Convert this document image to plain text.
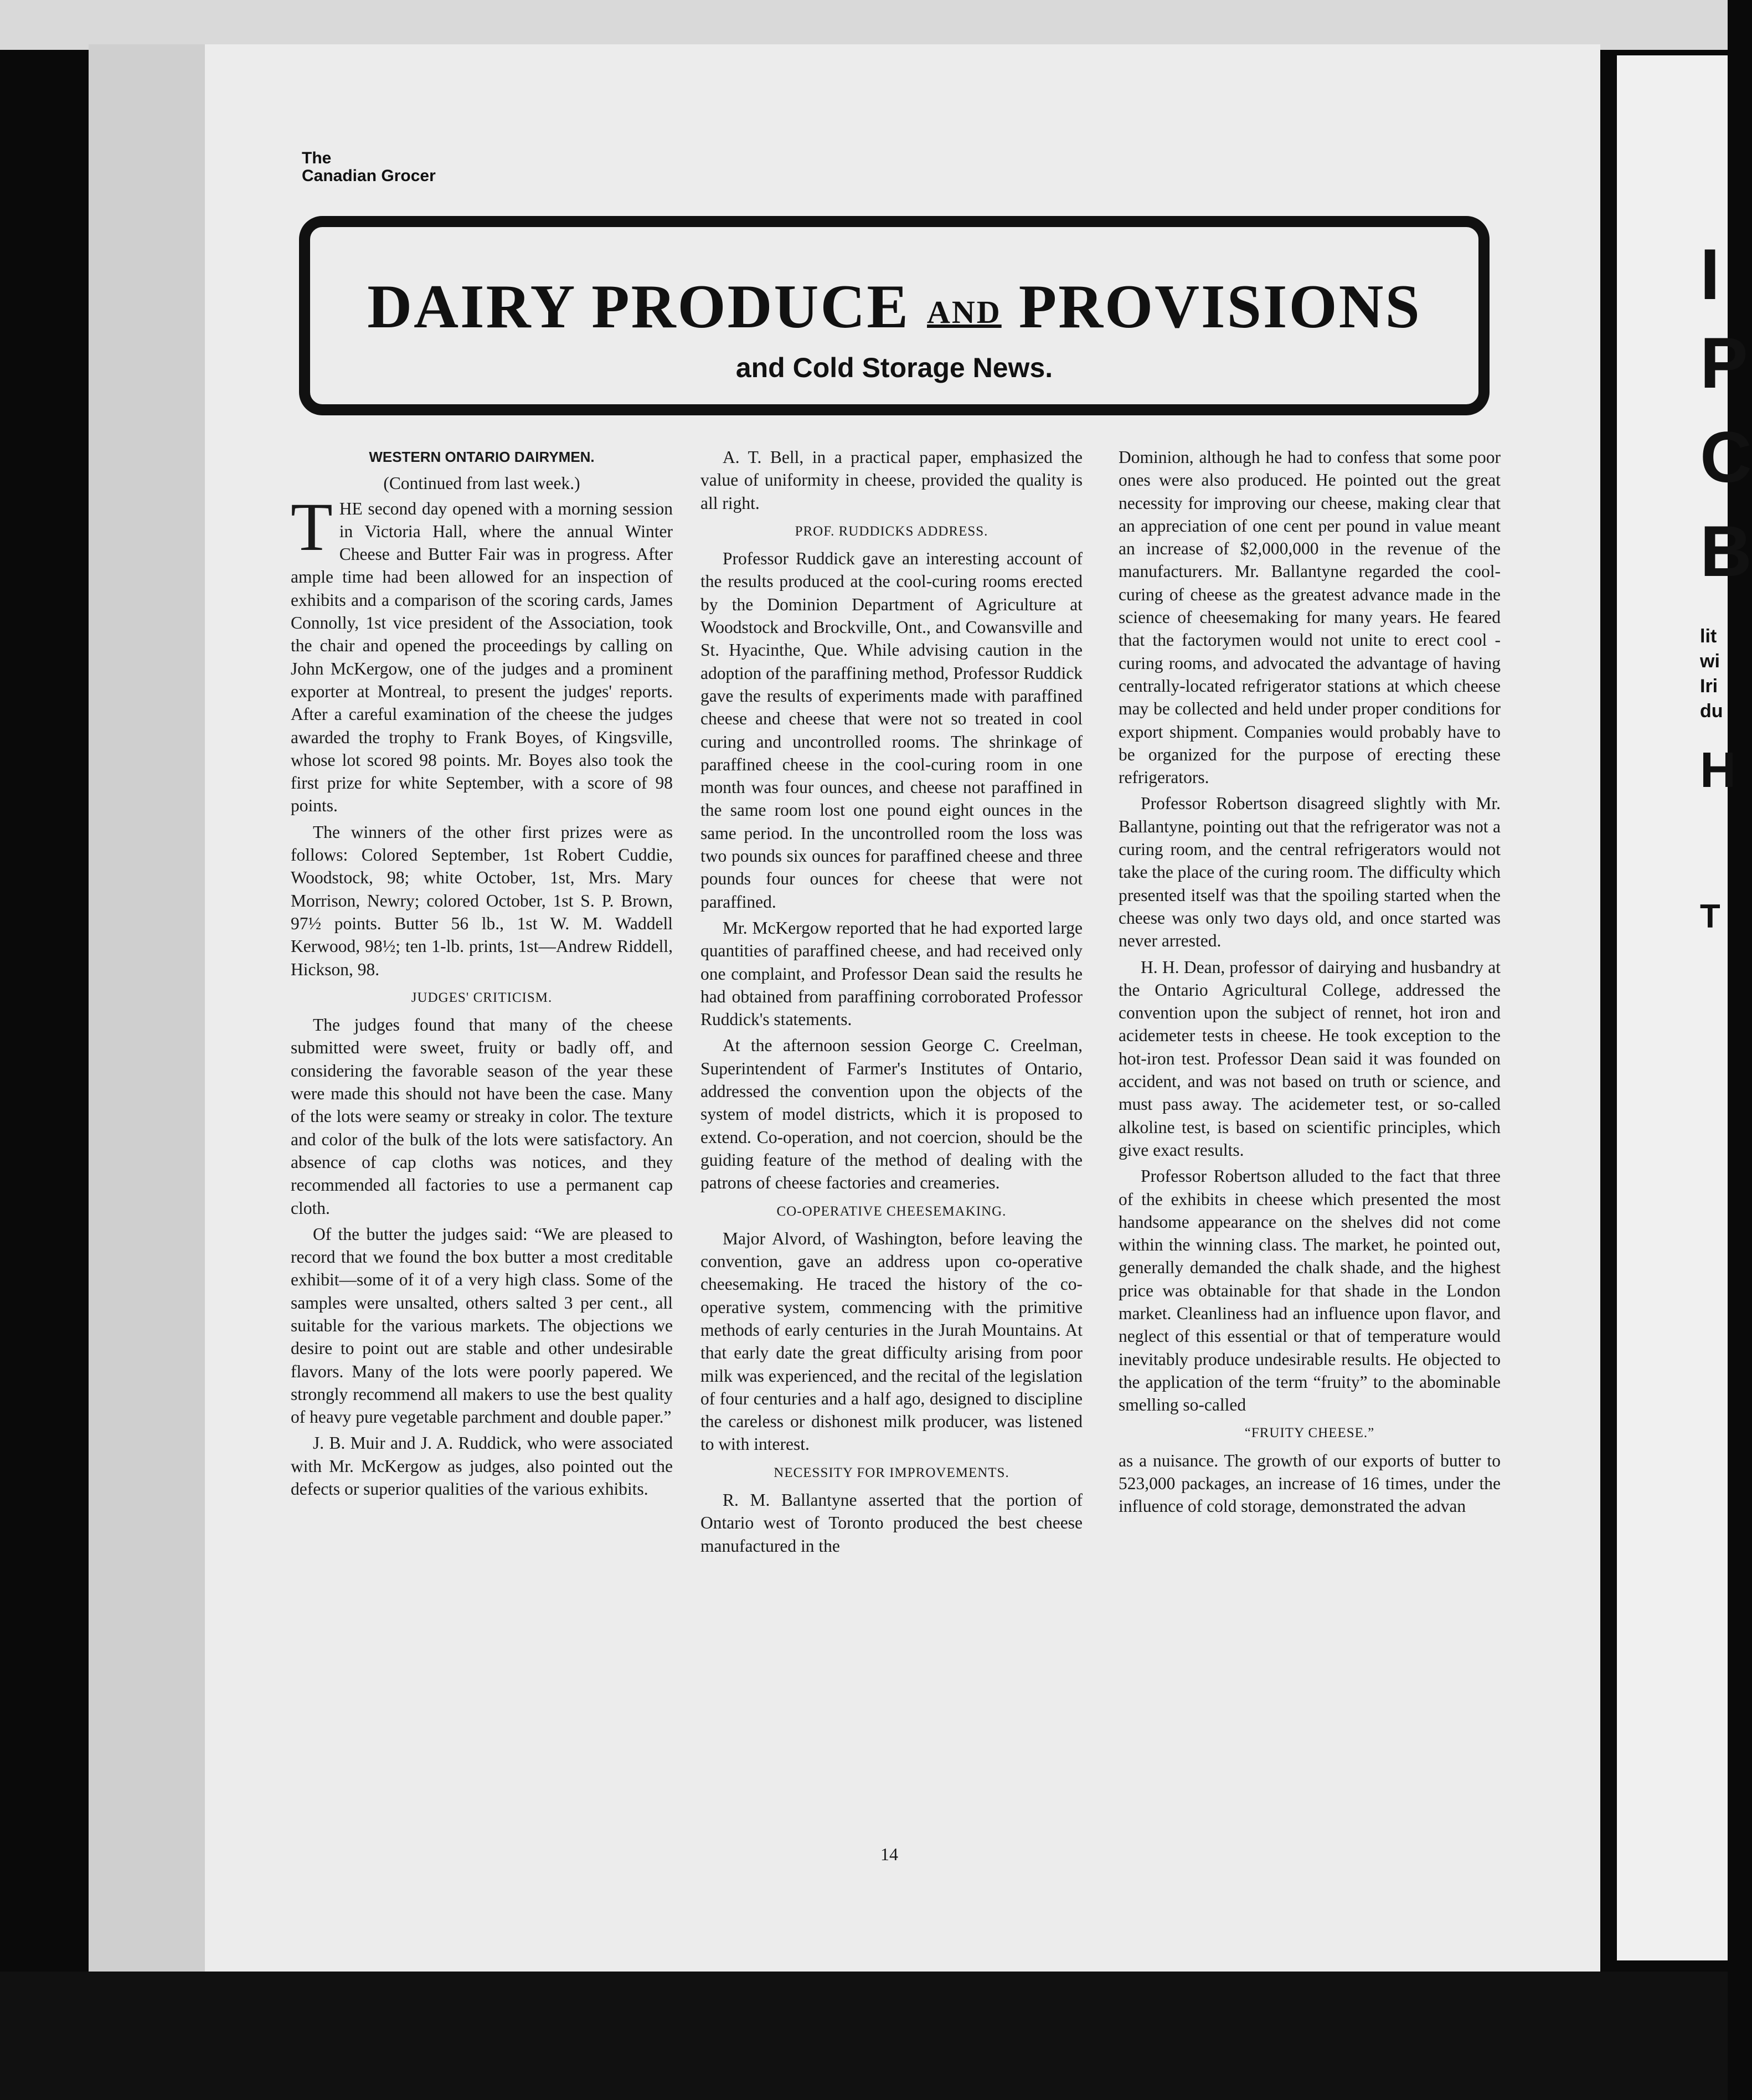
The
Canadian Grocer
DAIRY PRODUCE AND PROVISIONS
and Cold Storage News.
WESTERN ONTARIO DAIRYMEN.
(Continued from last week.)

THE second day opened with a morning session in Victoria Hall, where the annual Winter Cheese and Butter Fair was in progress. After ample time had been allowed for an inspection of exhibits and a comparison of the scoring cards, James Connolly, 1st vice president of the Association, took the chair and opened the proceedings by calling on John McKergow, one of the judges and a prominent exporter at Montreal, to present the judges' reports. After a careful examination of the cheese the judges awarded the trophy to Frank Boyes, of Kingsville, whose lot scored 98 points. Mr. Boyes also took the first prize for white September, with a score of 98 points.

The winners of the other first prizes were as follows: Colored September, 1st Robert Cuddie, Woodstock, 98; white October, 1st, Mrs. Mary Morrison, Newry; colored October, 1st S. P. Brown, 97½ points. Butter 56 lb., 1st W. M. Waddell Kerwood, 98½; ten 1-lb. prints, 1st—Andrew Riddell, Hickson, 98.

JUDGES' CRITICISM.

The judges found that many of the cheese submitted were sweet, fruity or badly off, and considering the favorable season of the year these were made this should not have been the case. Many of the lots were seamy or streaky in color. The texture and color of the bulk of the lots were satisfactory. An absence of cap cloths was notices, and they recommended all factories to use a permanent cap cloth.

Of the butter the judges said: “We are pleased to record that we found the box butter a most creditable exhibit—some of it of a very high class. Some of the samples were unsalted, others salted 3 per cent., all suitable for the various markets. The objections we desire to point out are stable and other undesirable flavors. Many of the lots were poorly papered. We strongly recommend all makers to use the best quality of heavy pure vegetable parchment and double paper.”

J. B. Muir and J. A. Ruddick, who were associated with Mr. McKergow as judges, also pointed out the defects or superior qualities of the various exhibits.

A. T. Bell, in a practical paper, emphasized the value of uniformity in cheese, provided the quality is all right.

PROF. RUDDICKS ADDRESS.

Professor Ruddick gave an interesting account of the results produced at the cool-curing rooms erected by the Dominion Department of Agriculture at Woodstock and Brockville, Ont., and Cowansville and St. Hyacinthe, Que. While advising caution in the adoption of the paraffining method, Professor Ruddick gave the results of experiments made with paraffined cheese and cheese that were not so treated in cool curing and uncontrolled rooms. The shrinkage of paraffined cheese in the cool-curing room in one month was four ounces, and cheese not paraffined in the same room lost one pound eight ounces in the same period. In the uncontrolled room the loss was two pounds six ounces for paraffined cheese and three pounds four ounces for cheese that were not paraffined.

Mr. McKergow reported that he had exported large quantities of paraffined cheese, and had received only one complaint, and Professor Dean said the results he had obtained from paraffining corroborated Professor Ruddick's statements.

At the afternoon session George C. Creelman, Superintendent of Farmer's Institutes of Ontario, addressed the convention upon the objects of the system of model districts, which it is proposed to extend. Co-operation, and not coercion, should be the guiding feature of the method of dealing with the patrons of cheese factories and creameries.

CO-OPERATIVE CHEESEMAKING.

Major Alvord, of Washington, before leaving the convention, gave an address upon co-operative cheesemaking. He traced the history of the co-operative system, commencing with the primitive methods of early centuries in the Jurah Mountains. At that early date the great difficulty arising from poor milk was experienced, and the recital of the legislation of four centuries and a half ago, designed to discipline the careless or dishonest milk producer, was listened to with interest.

NECESSITY FOR IMPROVEMENTS.

R. M. Ballantyne asserted that the portion of Ontario west of Toronto produced the best cheese manufactured in the

Dominion, although he had to confess that some poor ones were also produced. He pointed out the great necessity for improving our cheese, making clear that an appreciation of one cent per pound in value meant an increase of $2,000,000 in the revenue of the manufacturers. Mr. Ballantyne regarded the cool-curing of cheese as the greatest advance made in the science of cheesemaking for many years. He feared that the factorymen would not unite to erect cool - curing rooms, and advocated the advantage of having centrally-located refrigerator stations at which cheese may be collected and held under proper conditions for export shipment. Companies would probably have to be organized for the purpose of erecting these refrigerators.

Professor Robertson disagreed slightly with Mr. Ballantyne, pointing out that the refrigerator was not a curing room, and the central refrigerators would not take the place of the curing room. The difficulty which presented itself was that the spoiling started when the cheese was only two days old, and once started was never arrested.

H. H. Dean, professor of dairying and husbandry at the Ontario Agricultural College, addressed the convention upon the subject of rennet, hot iron and acidemeter tests in cheese. He took exception to the hot-iron test. Professor Dean said it was founded on accident, and was not based on truth or science, and must pass away. The acidemeter test, or so-called alkoline test, is based on scientific principles, which give exact results.

Professor Robertson alluded to the fact that three of the exhibits in cheese which presented the most handsome appearance on the shelves did not come within the winning class. The market, he pointed out, generally demanded the chalk shade, and the highest price was obtainable for that shade in the London market. Cleanliness had an influence upon flavor, and neglect of this essential or that of temperature would inevitably produce undesirable results. He objected to the application of the term “fruity” to the abominable smelling so-called

“FRUITY CHEESE.”

as a nuisance. The growth of our exports of butter to 523,000 packages, an increase of 16 times, under the influence of cold storage, demonstrated the advan

14
I
P
C
B
lit
wi
Iri
du
H
T
